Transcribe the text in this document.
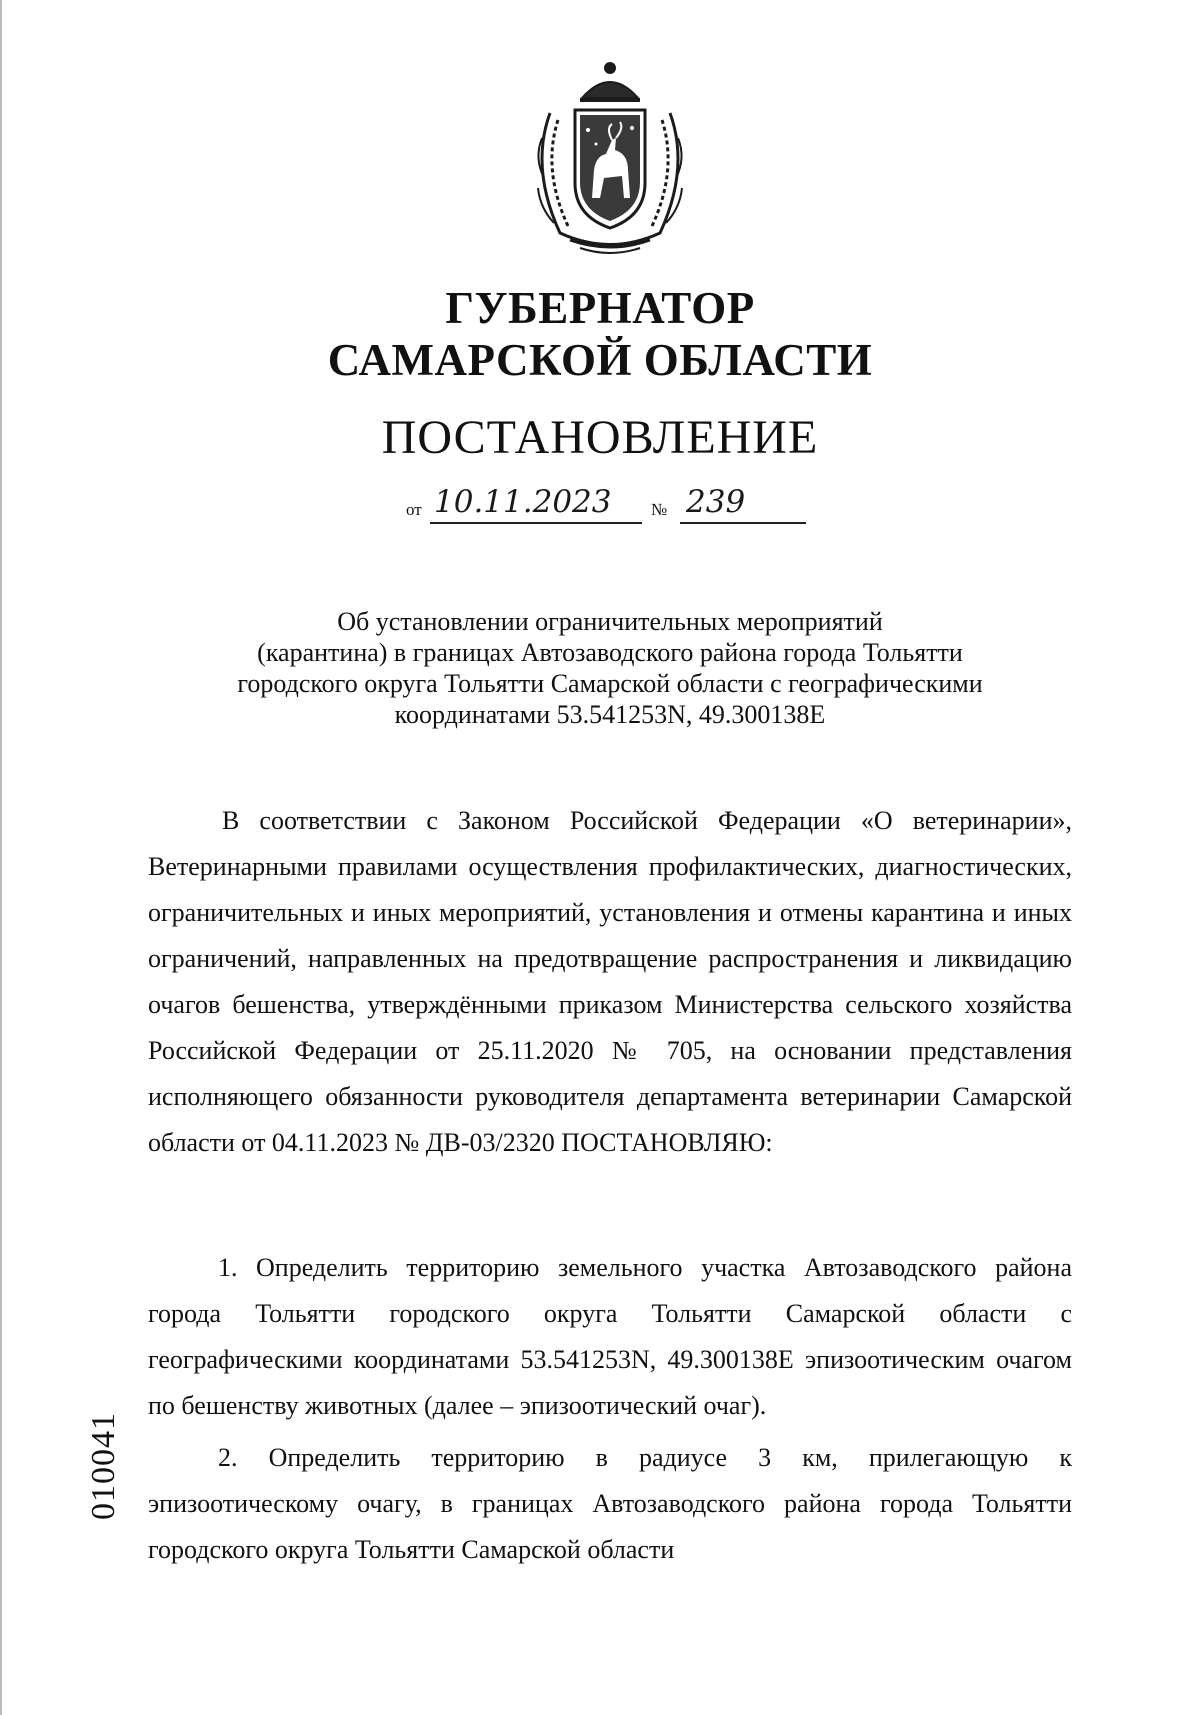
ГУБЕРНАТОР
САМАРСКОЙ ОБЛАСТИ
ПОСТАНОВЛЕНИЕ
от 10.11.2023 № 239
Об установлении ограничительных мероприятий
(карантина) в границах Автозаводского района города Тольятти
городского округа Тольятти Самарской области с географическими
координатами 53.541253N, 49.300138E

В соответствии с Законом Российской Федерации «О ветеринарии», Ветеринарными правилами осуществления профилактических, диагностических, ограничительных и иных мероприятий, установления и отмены карантина и иных ограничений, направленных на предотвращение распространения и ликвидацию очагов бешенства, утверждёнными приказом Министерства сельского хозяйства Российской Федерации от 25.11.2020 № 705, на основании представления исполняющего обязанности руководителя департамента ветеринарии Самарской области от 04.11.2023 № ДВ-03/2320 ПОСТАНОВЛЯЮ:

1. Определить территорию земельного участка Автозаводского района города Тольятти городского округа Тольятти Самарской области с географическими координатами 53.541253N, 49.300138E эпизоотическим очагом по бешенству животных (далее – эпизоотический очаг).

2. Определить территорию в радиусе 3 км, прилегающую к эпизоотическому очагу, в границах Автозаводского района города Тольятти городского округа Тольятти Самарской области

010041
